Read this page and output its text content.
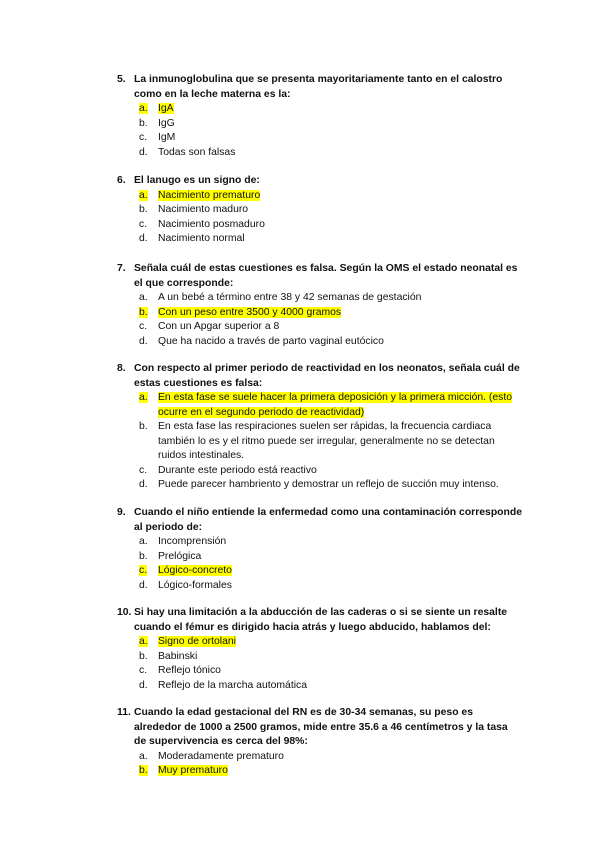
5. La inmunoglobulina que se presenta mayoritariamente tanto en el calostro como en la leche materna es la:
a. IgA
b. IgG
c.	IgM
d. Todas son falsas
6. El lanugo es un signo de:
a. Nacimiento prematuro
b. Nacimiento maduro
c.	Nacimiento posmaduro
d. Nacimiento normal
7. Señala cuál de estas cuestiones es falsa. Según la OMS el estado neonatal es el que corresponde:
a. A un bebé a término entre 38 y 42 semanas de gestación
b. Con un peso entre 3500 y 4000 gramos
c.	Con un Apgar superior a 8
d. Que ha nacido a través de parto vaginal eutócico
8. Con respecto al primer periodo de reactividad en los neonatos, señala cuál de estas cuestiones es falsa:
a. En esta fase se suele hacer la primera deposición y la primera micción. (esto ocurre en el segundo periodo de reactividad)
b. En esta fase las respiraciones suelen ser rápidas, la frecuencia cardiaca también lo es y el ritmo puede ser irregular, generalmente no se detectan ruidos intestinales.
c.	Durante este periodo está reactivo
d. Puede parecer hambriento y demostrar un reflejo de succión muy intenso.
9. Cuando el niño entiende la enfermedad como una contaminación corresponde al periodo de:
a. Incomprensión
b. Prelógica
c.	Lógico-concreto
d. Lógico-formales
10. Si hay una limitación a la abducción de las caderas o si se siente un resalte cuando el fémur es dirigido hacia atrás y luego abducido, hablamos del:
a. Signo de ortolani
b. Babinski
c.	Reflejo tónico
d. Reflejo de la marcha automática
11. Cuando la edad gestacional del RN es de 30-34 semanas, su peso es alrededor de 1000 a 2500 gramos, mide entre 35.6 a 46 centímetros y la tasa de supervivencia es cerca del 98%:
a. Moderadamente prematuro
b. Muy prematuro
